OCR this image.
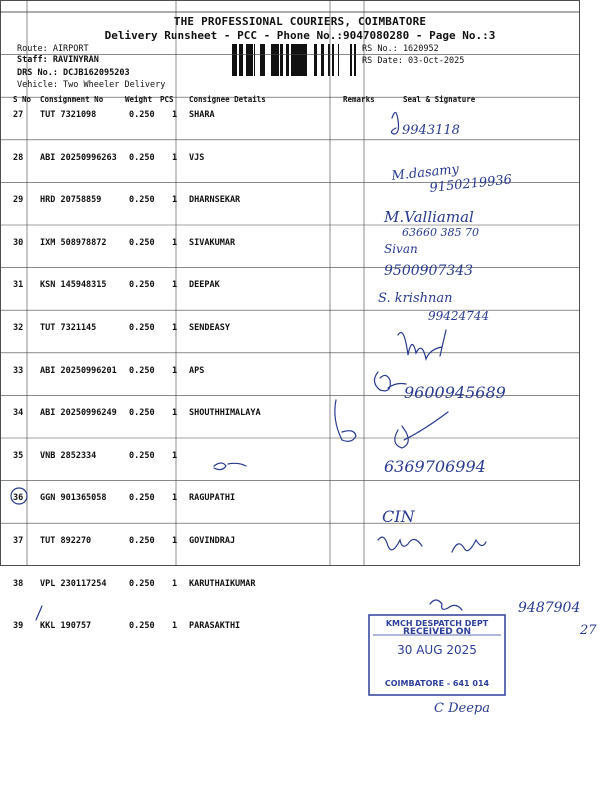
THE PROFESSIONAL COURIERS, COIMBATORE
Delivery Runsheet - PCC - Phone No.:9047080280 - Page No.:3
Route: AIRPORT
Staff: RAVINYRAN
DRS No.: DCJB162095203
Vehicle: Two Wheeler Delivery
RS No.: 1620952
RS Date: 03-Oct-2025
S No Consignment No	Weight PCS Consignee Details	Remarks	Seal & Signature
27 TUT 7321098	0.250 1 SHARA
28 ABI 20250996263 0.250 1 VJS
29 HRD 20758859	0.250 1 DHARNSEKAR
30 IXM 508978872	0.250 1 SIVAKUMAR
31 KSN 145948315	0.250 1 DEEPAK
32 TUT 7321145	0.250 1 SENDEASY
33 ABI 20250996201 0.250 1 APS
34 ABI 20250996249 0.250 1 SHOUTHHIMALAYA
35 VNB 2852334	0.250 1
36 GGN 901365058	0.250 1 RAGUPATHI
37 TUT 892270	0.250 1 GOVINDRAJ
38 VPL 230117254	0.250 1 KARUTHAIKUMAR
39 KKL 190757	0.250 1 PARASAKTHI
9943118
M.dasamy
9150219936
M.Valliamal
63660 385 70
Sivan
9500907343
S. krishnan
99424744
9600945689
6369706994
CIN
9487904
27
C Deepa
KMCH DESPATCH DEPT
RECEIVED ON
30 AUG 2025
COIMBATORE - 641 014
